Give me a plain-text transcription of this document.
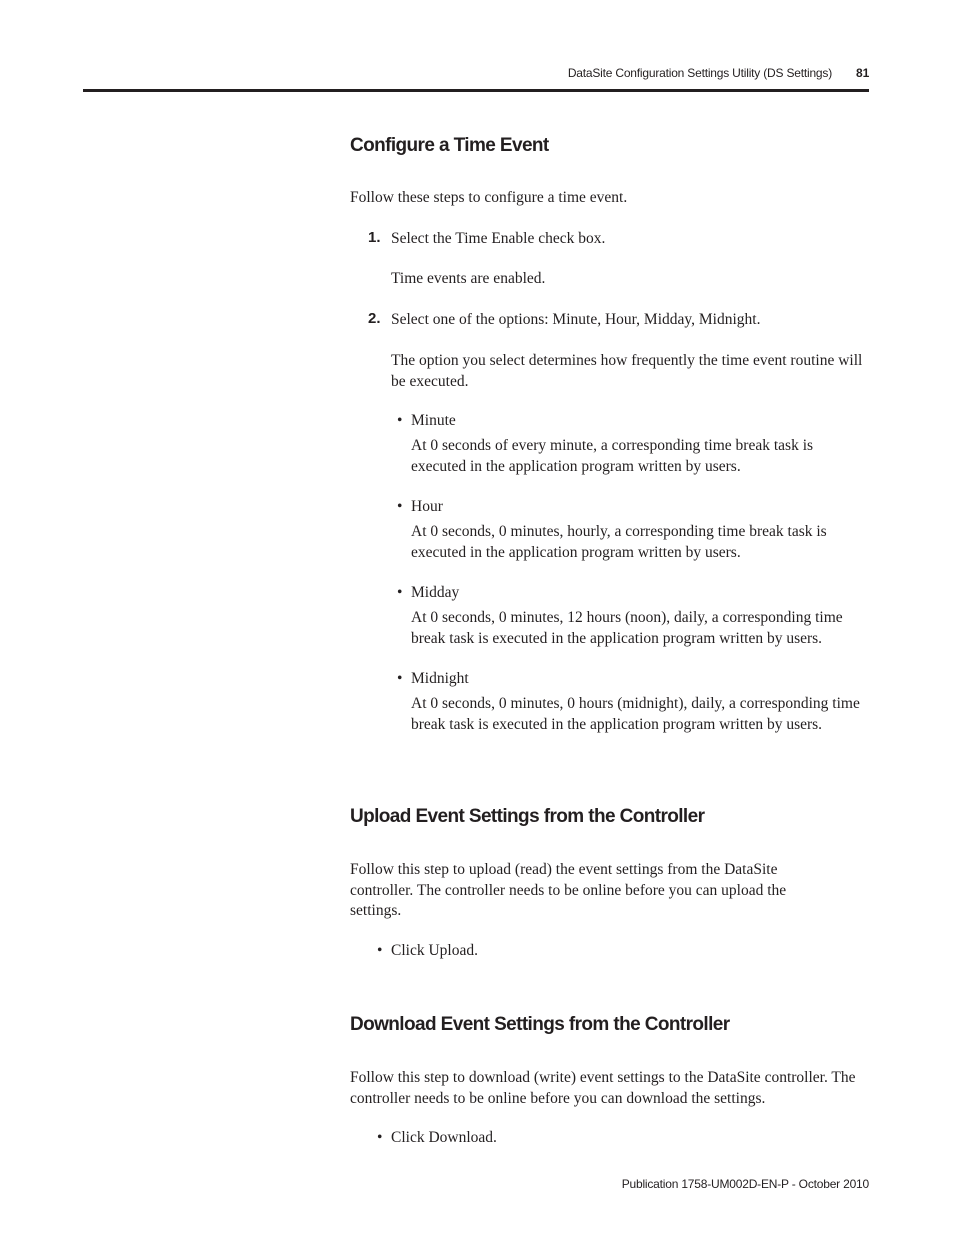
DataSite Configuration Settings Utility (DS Settings) 81
Configure a Time Event
Follow these steps to configure a time event.
1. Select the Time Enable check box.
Time events are enabled.
2. Select one of the options: Minute, Hour, Midday, Midnight.
The option you select determines how frequently the time event routine will be executed.
• Minute
At 0 seconds of every minute, a corresponding time break task is executed in the application program written by users.
• Hour
At 0 seconds, 0 minutes, hourly, a corresponding time break task is executed in the application program written by users.
• Midday
At 0 seconds, 0 minutes, 12 hours (noon), daily, a corresponding time break task is executed in the application program written by users.
• Midnight
At 0 seconds, 0 minutes, 0 hours (midnight), daily, a corresponding time break task is executed in the application program written by users.
Upload Event Settings from the Controller
Follow this step to upload (read) the event settings from the DataSite controller. The controller needs to be online before you can upload the settings.
• Click Upload.
Download Event Settings from the Controller
Follow this step to download (write) event settings to the DataSite controller. The controller needs to be online before you can download the settings.
• Click Download.
Publication 1758-UM002D-EN-P - October 2010
